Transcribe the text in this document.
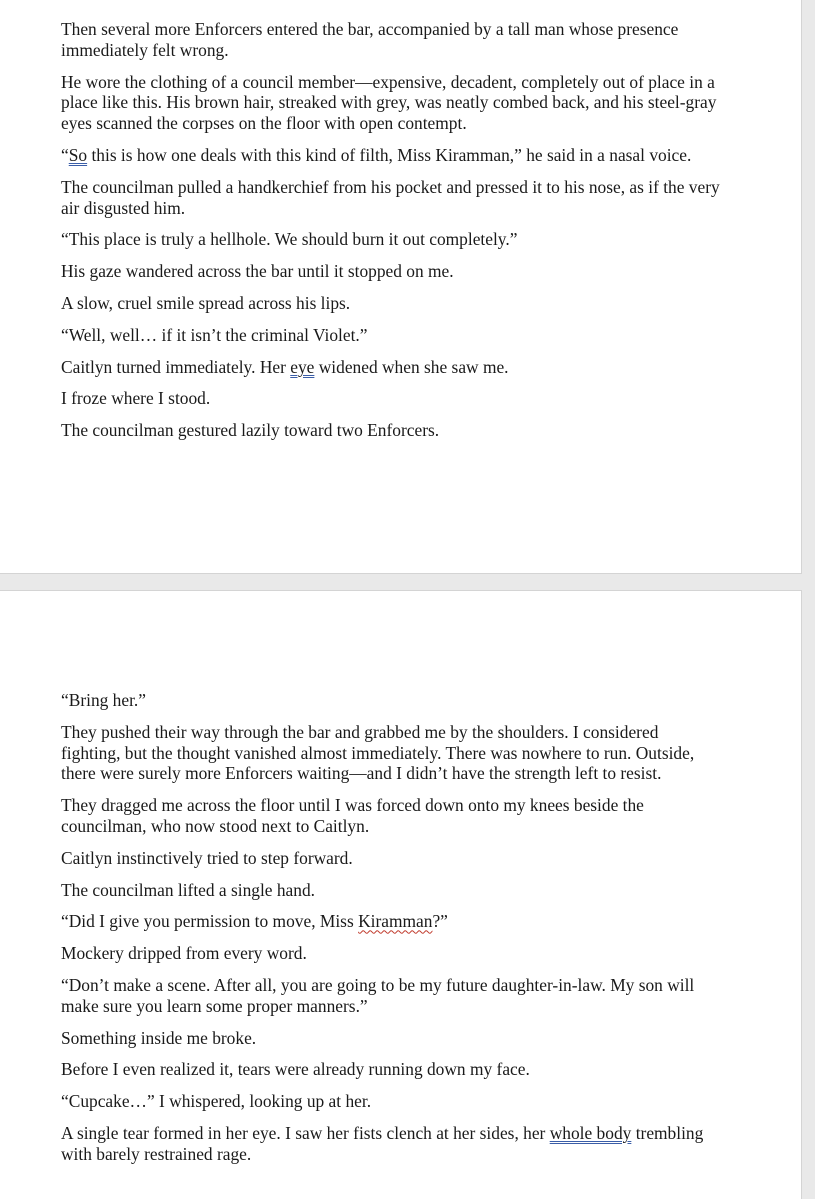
Then several more Enforcers entered the bar, accompanied by a tall man whose presence immediately felt wrong.

He wore the clothing of a council member—expensive, decadent, completely out of place in a place like this. His brown hair, streaked with grey, was neatly combed back, and his steel-gray eyes scanned the corpses on the floor with open contempt.

“So this is how one deals with this kind of filth, Miss Kiramman,” he said in a nasal voice.

The councilman pulled a handkerchief from his pocket and pressed it to his nose, as if the very air disgusted him.

“This place is truly a hellhole. We should burn it out completely.”

His gaze wandered across the bar until it stopped on me.

A slow, cruel smile spread across his lips.

“Well, well… if it isn’t the criminal Violet.”

Caitlyn turned immediately. Her eye widened when she saw me.

I froze where I stood.

The councilman gestured lazily toward two Enforcers.

“Bring her.”

They pushed their way through the bar and grabbed me by the shoulders. I considered fighting, but the thought vanished almost immediately. There was nowhere to run. Outside, there were surely more Enforcers waiting—and I didn’t have the strength left to resist.

They dragged me across the floor until I was forced down onto my knees beside the councilman, who now stood next to Caitlyn.

Caitlyn instinctively tried to step forward.

The councilman lifted a single hand.

“Did I give you permission to move, Miss Kiramman?”

Mockery dripped from every word.

“Don’t make a scene. After all, you are going to be my future daughter-in-law. My son will make sure you learn some proper manners.”

Something inside me broke.

Before I even realized it, tears were already running down my face.

“Cupcake…” I whispered, looking up at her.

A single tear formed in her eye. I saw her fists clench at her sides, her whole body trembling with barely restrained rage.
